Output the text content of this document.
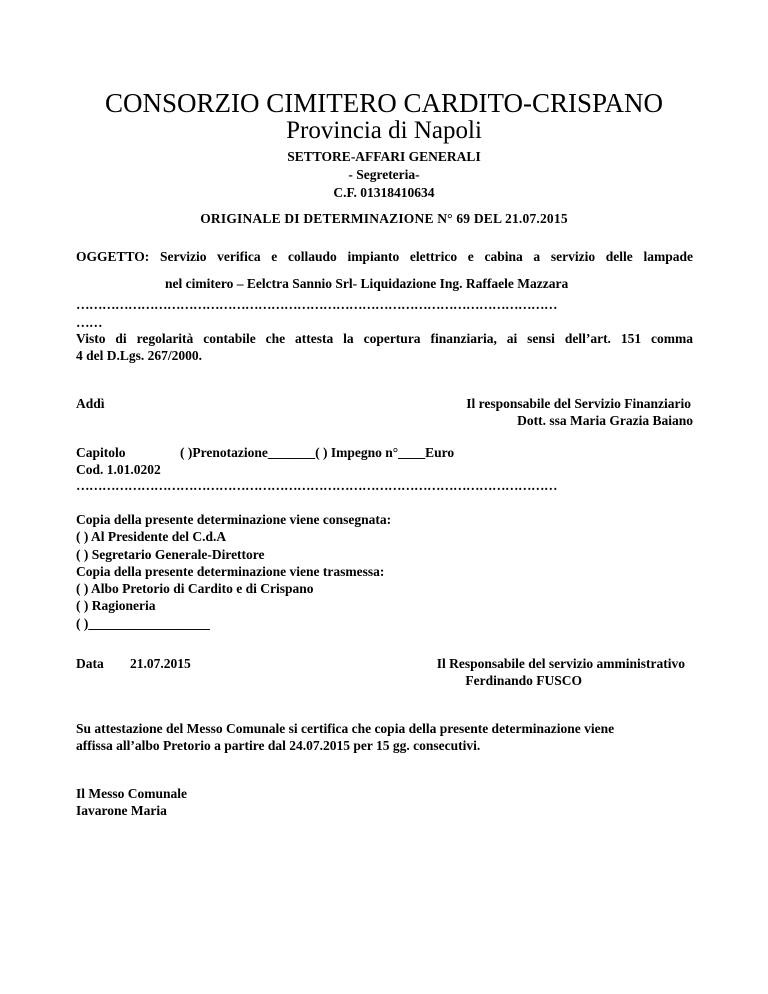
CONSORZIO CIMITERO CARDITO-CRISPANO
Provincia di Napoli
SETTORE-AFFARI GENERALI
- Segreteria-
C.F. 01318410634
ORIGINALE DI DETERMINAZIONE N° 69 DEL 21.07.2015
OGGETTO: Servizio verifica e collaudo impianto elettrico e cabina a servizio delle lampade
nel cimitero – Eelctra Sannio Srl- Liquidazione Ing. Raffaele Mazzara
…………………………………………………………………………………………………
……
Visto di regolarità contabile che attesta la copertura finanziaria, ai sensi dell’art. 151 comma
4 del D.Lgs. 267/2000.
Addì	Il responsabile del Servizio Finanziario
Dott. ssa Maria Grazia Baiano
Capitolo	( )Prenotazione_______( ) Impegno n°____Euro
Cod. 1.01.0202
…………………………………………………………………………………………………
Copia della presente determinazione viene consegnata:
( ) Al Presidente del C.d.A
( ) Segretario Generale-Direttore
Copia della presente determinazione viene trasmessa:
( ) Albo Pretorio di Cardito e di Crispano
( ) Ragioneria
( )__________________
Data 21.07.2015	Il Responsabile del servizio amministrativo
Ferdinando FUSCO
Su attestazione del Messo Comunale si certifica che copia della presente determinazione viene
affissa all’albo Pretorio a partire dal 24.07.2015 per 15 gg. consecutivi.
Il Messo Comunale
Iavarone Maria
